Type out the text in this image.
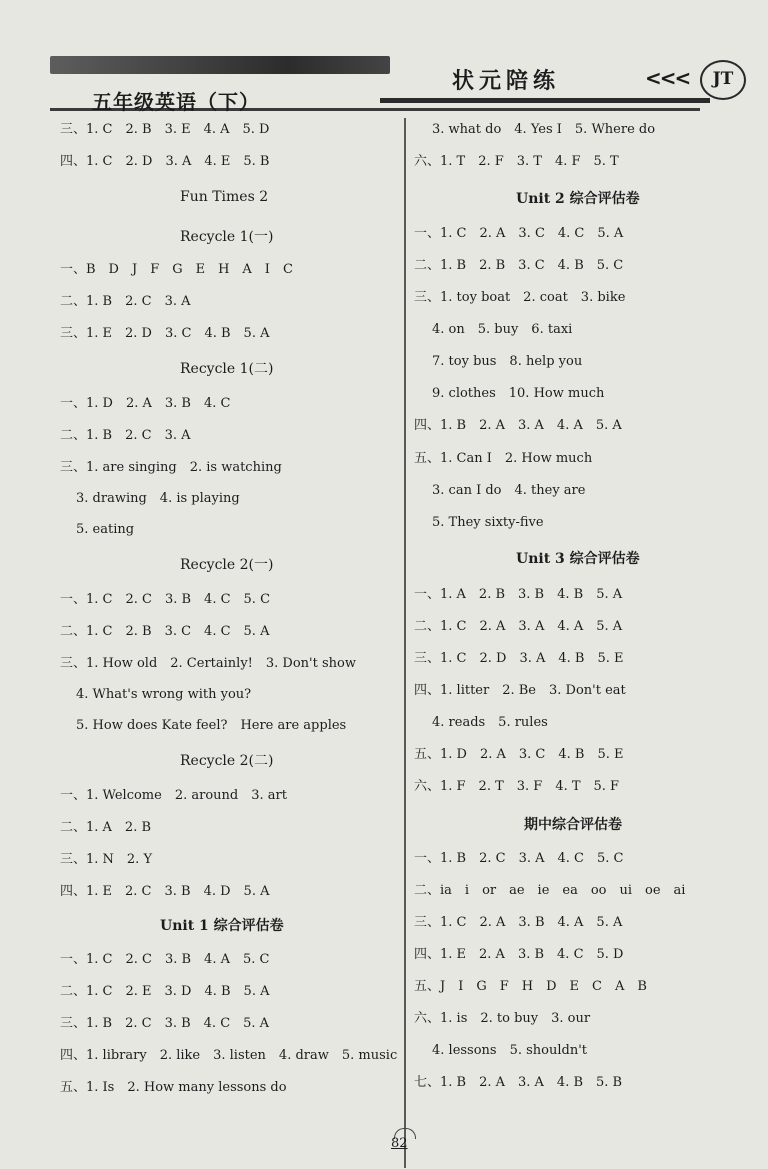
五年级英语（下）
状元陪练	<<<	JT
三、1. C　2. B　3. E　4. A　5. D
四、1. C　2. D　3. A　4. E　5. B
Fun Times 2
Recycle 1(一)
一、B　D　J　F　G　E　H　A　I　C
二、1. B　2. C　3. A
三、1. E　2. D　3. C　4. B　5. A
Recycle 1(二)
一、1. D　2. A　3. B　4. C
二、1. B　2. C　3. A
三、1. are singing　2. is watching
3. drawing　4. is playing
5. eating
Recycle 2(一)
一、1. C　2. C　3. B　4. C　5. C
二、1. C　2. B　3. C　4. C　5. A
三、1. How old　2. Certainly!　3. Don't show
4. What's wrong with you?
5. How does Kate feel?　Here are apples
Recycle 2(二)
一、1. Welcome　2. around　3. art
二、1. A　2. B
三、1. N　2. Y
四、1. E　2. C　3. B　4. D　5. A
Unit 1 综合评估卷
一、1. C　2. C　3. B　4. A　5. C
二、1. C　2. E　3. D　4. B　5. A
三、1. B　2. C　3. B　4. C　5. A
四、1. library　2. like　3. listen　4. draw　5. music
五、1. Is　2. How many lessons do
3. what do　4. Yes I　5. Where do
六、1. T　2. F　3. T　4. F　5. T
Unit 2 综合评估卷
一、1. C　2. A　3. C　4. C　5. A
二、1. B　2. B　3. C　4. B　5. C
三、1. toy boat　2. coat　3. bike
4. on　5. buy　6. taxi
7. toy bus　8. help you
9. clothes　10. How much
四、1. B　2. A　3. A　4. A　5. A
五、1. Can I　2. How much
3. can I do　4. they are
5. They sixty-five
Unit 3 综合评估卷
一、1. A　2. B　3. B　4. B　5. A
二、1. C　2. A　3. A　4. A　5. A
三、1. C　2. D　3. A　4. B　5. E
四、1. litter　2. Be　3. Don't eat
4. reads　5. rules
五、1. D　2. A　3. C　4. B　5. E
六、1. F　2. T　3. F　4. T　5. F
期中综合评估卷
一、1. B　2. C　3. A　4. C　5. C
二、ia　i　or　ae　ie　ea　oo　ui　oe　ai
三、1. C　2. A　3. B　4. A　5. A
四、1. E　2. A　3. B　4. C　5. D
五、J　I　G　F　H　D　E　C　A　B
六、1. is　2. to buy　3. our
4. lessons　5. shouldn't
七、1. B　2. A　3. A　4. B　5. B
82
